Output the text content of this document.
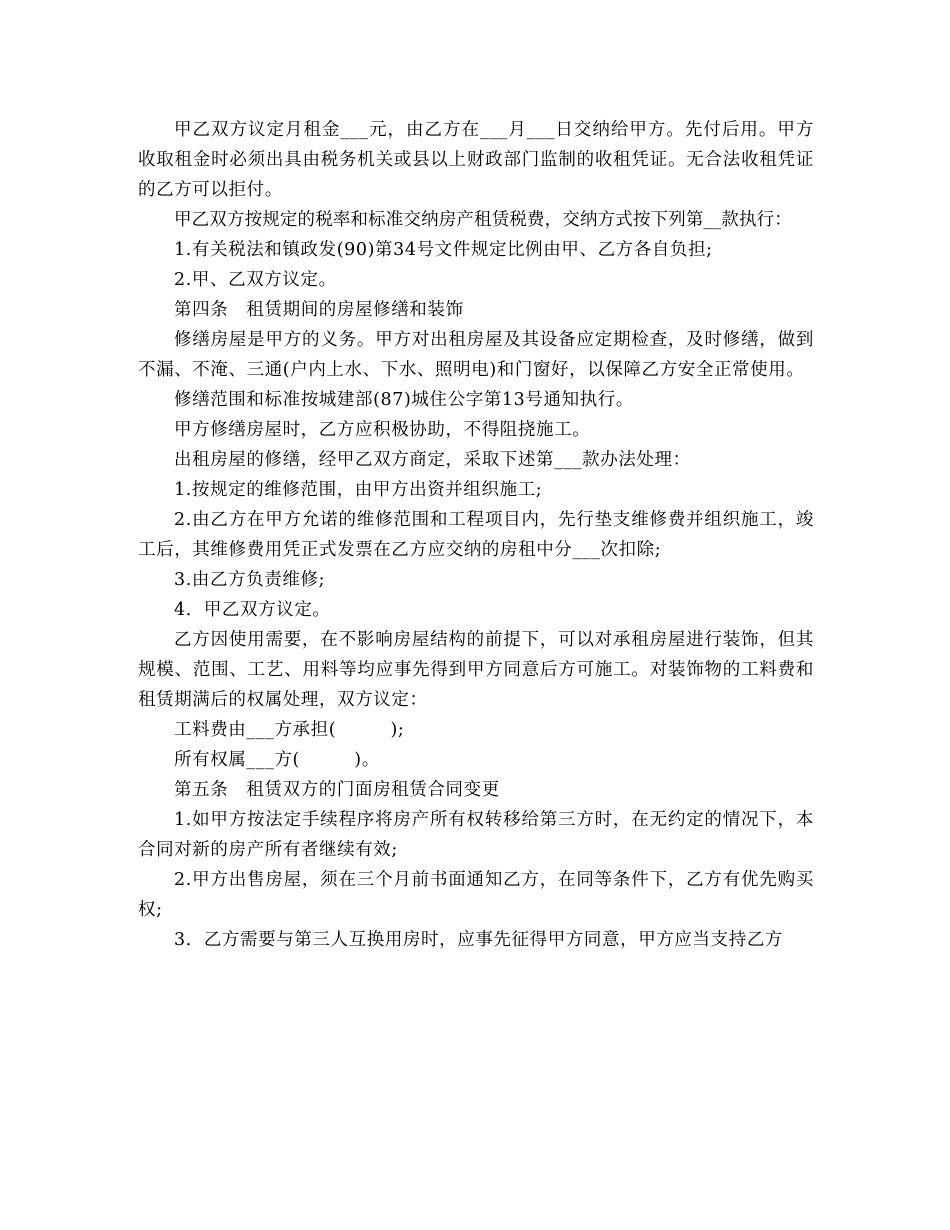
甲乙双方议定月租金___元，由乙方在___月___日交纳给甲方。先付后用。甲方收取租金时必须出具由税务机关或县以上财政部门监制的收租凭证。无合法收租凭证的乙方可以拒付。

甲乙双方按规定的税率和标准交纳房产租赁税费，交纳方式按下列第__款执行：

1.有关税法和镇政发(90)第34号文件规定比例由甲、乙方各自负担;

2.甲、乙双方议定。

第四条　租赁期间的房屋修缮和装饰

修缮房屋是甲方的义务。甲方对出租房屋及其设备应定期检查，及时修缮，做到不漏、不淹、三通(户内上水、下水、照明电)和门窗好，以保障乙方安全正常使用。

修缮范围和标准按城建部(87)城住公字第13号通知执行。

甲方修缮房屋时，乙方应积极协助，不得阻挠施工。

出租房屋的修缮，经甲乙双方商定，采取下述第___款办法处理：

1.按规定的维修范围，由甲方出资并组织施工;

2.由乙方在甲方允诺的维修范围和工程项目内，先行垫支维修费并组织施工，竣工后，其维修费用凭正式发票在乙方应交纳的房租中分___次扣除;

3.由乙方负责维修;

4．甲乙双方议定。

乙方因使用需要，在不影响房屋结构的前提下，可以对承租房屋进行装饰，但其规模、范围、工艺、用料等均应事先得到甲方同意后方可施工。对装饰物的工料费和租赁期满后的权属处理，双方议定：

工料费由___方承担(　　　);

所有权属___方(　　　)。

第五条　租赁双方的门面房租赁合同变更

1.如甲方按法定手续程序将房产所有权转移给第三方时，在无约定的情况下，本合同对新的房产所有者继续有效;

2.甲方出售房屋，须在三个月前书面通知乙方，在同等条件下，乙方有优先购买权;

3．乙方需要与第三人互换用房时，应事先征得甲方同意，甲方应当支持乙方
